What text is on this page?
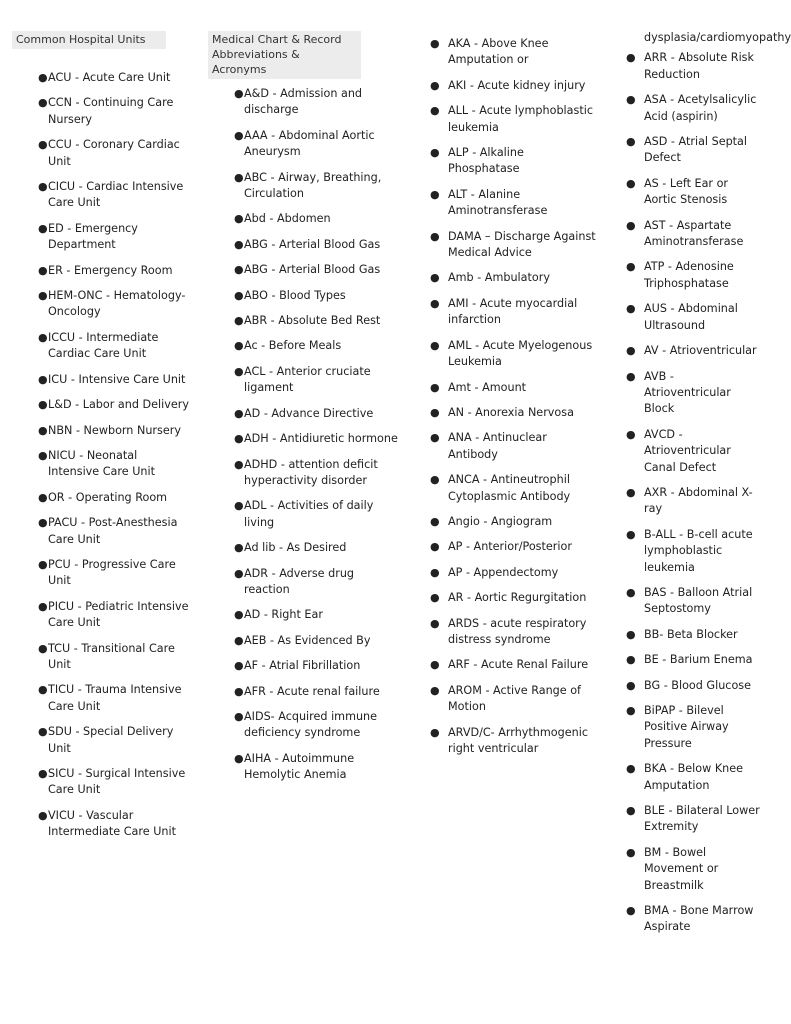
Common Hospital Units
● ACU - Acute Care Unit
● CCN - Continuing Care Nursery
● CCU - Coronary Cardiac Unit
● CICU - Cardiac Intensive Care Unit
● ED - Emergency Department
● ER - Emergency Room
● HEM-ONC - Hematology-Oncology
● ICCU - Intermediate Cardiac Care Unit
● ICU - Intensive Care Unit
● L&D - Labor and Delivery
● NBN - Newborn Nursery
● NICU - Neonatal Intensive Care Unit
● OR - Operating Room
● PACU - Post-Anesthesia Care Unit
● PCU - Progressive Care Unit
● PICU - Pediatric Intensive Care Unit
● TCU - Transitional Care Unit
● TICU - Trauma Intensive Care Unit
● SDU - Special Delivery Unit
● SICU - Surgical Intensive Care Unit
● VICU - Vascular Intermediate Care Unit
Medical Chart & Record
Abbreviations & Acronyms
● A&D - Admission and discharge
● AAA - Abdominal Aortic Aneurysm
● ABC - Airway, Breathing, Circulation
● Abd - Abdomen
● ABG - Arterial Blood Gas
● ABG - Arterial Blood Gas
● ABO - Blood Types
● ABR - Absolute Bed Rest
● Ac - Before Meals
● ACL - Anterior cruciate ligament
● AD - Advance Directive
● ADH - Antidiuretic hormone
● ADHD - attention deficit hyperactivity disorder
● ADL - Activities of daily living
● Ad lib - As Desired
● ADR - Adverse drug reaction
● AD - Right Ear
● AEB - As Evidenced By
● AF - Atrial Fibrillation
● AFR - Acute renal failure
● AIDS- Acquired immune deficiency syndrome
● AIHA - Autoimmune Hemolytic Anemia
● AKA - Above Knee Amputation or
● AKI - Acute kidney injury
● ALL - Acute lymphoblastic leukemia
● ALP - Alkaline Phosphatase
● ALT - Alanine Aminotransferase
● DAMA – Discharge Against Medical Advice
● Amb - Ambulatory
● AMI - Acute myocardial infarction
● AML - Acute Myelogenous Leukemia
● Amt - Amount
● AN - Anorexia Nervosa
● ANA - Antinuclear Antibody
● ANCA - Antineutrophil Cytoplasmic Antibody
● Angio - Angiogram
● AP - Anterior/Posterior
● AP - Appendectomy
● AR - Aortic Regurgitation
● ARDS - acute respiratory distress syndrome
● ARF - Acute Renal Failure
● AROM - Active Range of Motion
● ARVD/C- Arrhythmogenic right ventricular
dysplasia/cardiomyopathy
● ARR - Absolute Risk Reduction
● ASA - Acetylsalicylic Acid (aspirin)
● ASD - Atrial Septal Defect
● AS - Left Ear or Aortic Stenosis
● AST - Aspartate Aminotransferase
● ATP - Adenosine Triphosphatase
● AUS - Abdominal Ultrasound
● AV - Atrioventricular
● AVB - Atrioventricular Block
● AVCD - Atrioventricular Canal Defect
● AXR - Abdominal X-ray
● B-ALL - B-cell acute lymphoblastic leukemia
● BAS - Balloon Atrial Septostomy
● BB- Beta Blocker
● BE - Barium Enema
● BG - Blood Glucose
● BiPAP - Bilevel Positive Airway Pressure
● BKA - Below Knee Amputation
● BLE - Bilateral Lower Extremity
● BM - Bowel Movement or Breastmilk
● BMA - Bone Marrow Aspirate
